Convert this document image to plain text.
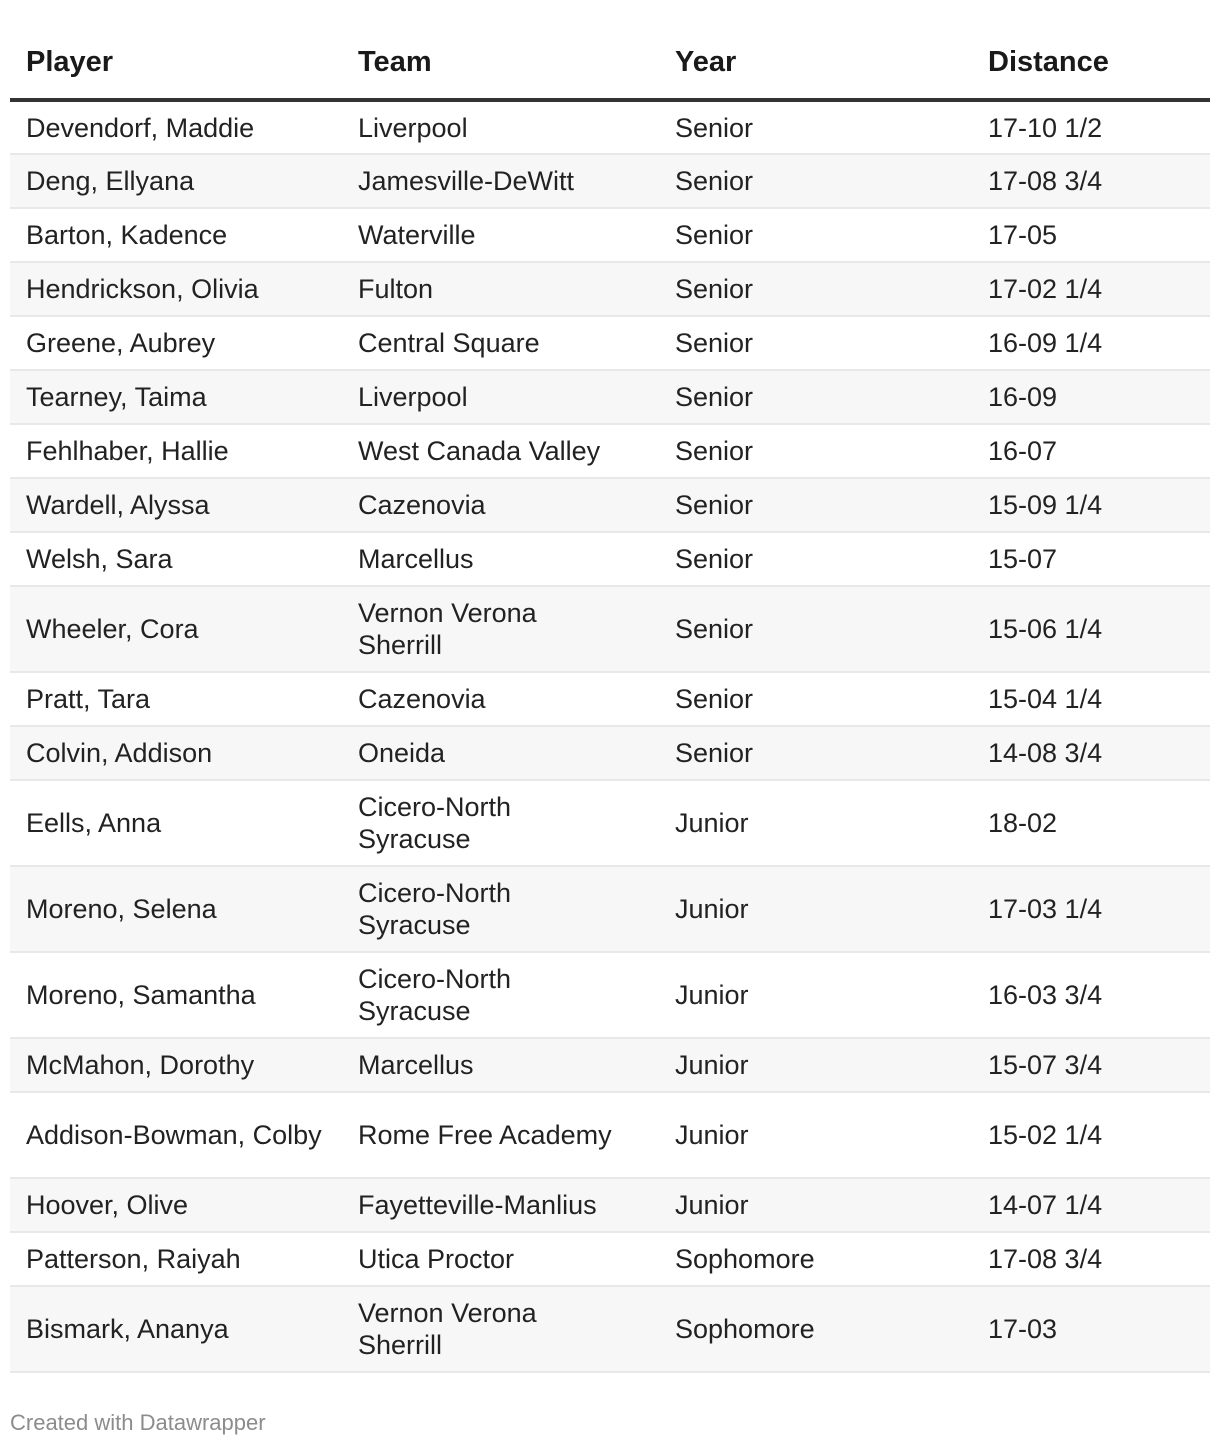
Player	Team	Year	Distance
Devendorf, Maddie	Liverpool	Senior	17-10 1/2
Deng, Ellyana	Jamesville-DeWitt	Senior	17-08 3/4
Barton, Kadence	Waterville	Senior	17-05
Hendrickson, Olivia	Fulton	Senior	17-02 1/4
Greene, Aubrey	Central Square	Senior	16-09 1/4
Tearney, Taima	Liverpool	Senior	16-09
Fehlhaber, Hallie	West Canada Valley	Senior	16-07
Wardell, Alyssa	Cazenovia	Senior	15-09 1/4
Welsh, Sara	Marcellus	Senior	15-07
Wheeler, Cora	Vernon Verona Sherrill	Senior	15-06 1/4
Pratt, Tara	Cazenovia	Senior	15-04 1/4
Colvin, Addison	Oneida	Senior	14-08 3/4
Eells, Anna	Cicero-North Syracuse	Junior	18-02
Moreno, Selena	Cicero-North Syracuse	Junior	17-03 1/4
Moreno, Samantha	Cicero-North Syracuse	Junior	16-03 3/4
McMahon, Dorothy	Marcellus	Junior	15-07 3/4
Addison-Bowman, Colby	Rome Free Academy	Junior	15-02 1/4
Hoover, Olive	Fayetteville-Manlius	Junior	14-07 1/4
Patterson, Raiyah	Utica Proctor	Sophomore	17-08 3/4
Bismark, Ananya	Vernon Verona Sherrill	Sophomore	17-03
Created with Datawrapper
